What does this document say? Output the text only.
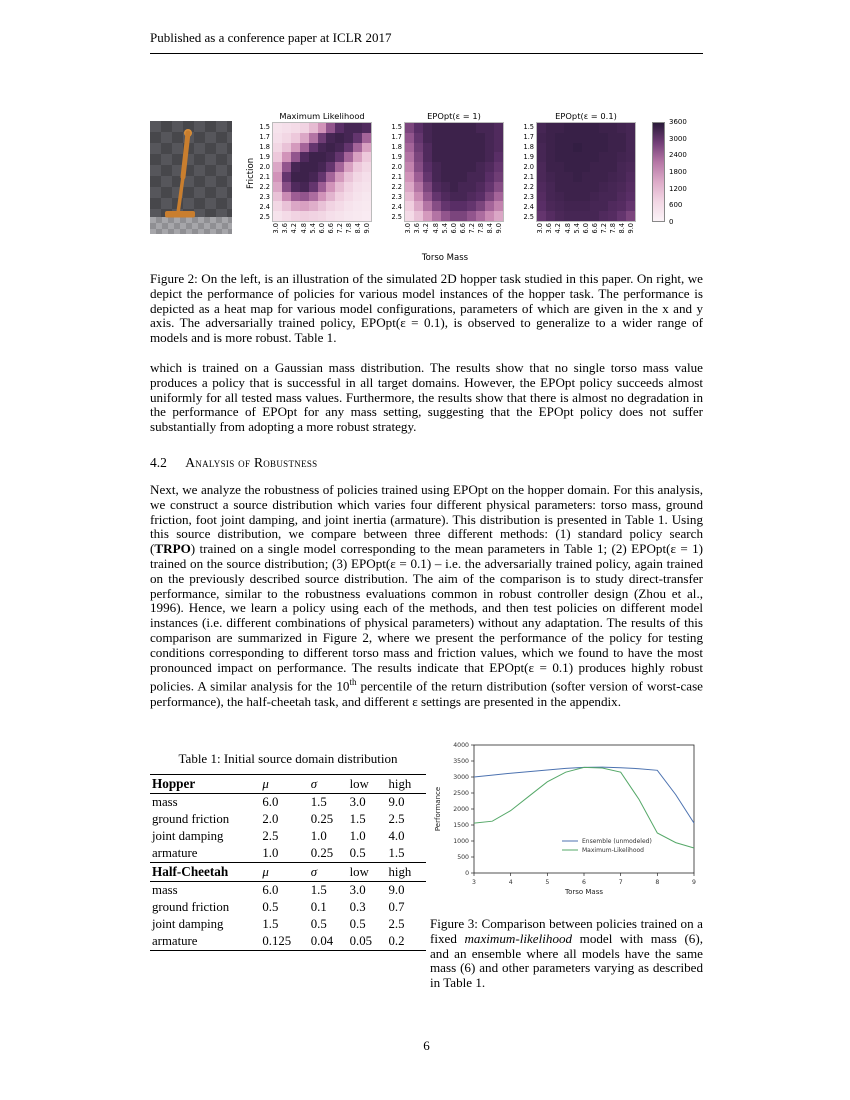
Published as a conference paper at ICLR 2017
Friction
Maximum Likelihood
1.5
1.7
1.8
1.9
2.0
2.1
2.2
2.3
2.4
2.5
3.0 3.6 4.2 4.8 5.4 6.0 6.6 7.2 7.8 8.4 9.0
EPOpt(ε = 1)
1.5
1.7
1.8
1.9
2.0
2.1
2.2
2.3
2.4
2.5
3.0 3.6 4.2 4.8 5.4 6.0 6.6 7.2 7.8 8.4 9.0
EPOpt(ε = 0.1)
1.5
1.7
1.8
1.9
2.0
2.1
2.2
2.3
2.4
2.5
3.0 3.6 4.2 4.8 5.4 6.0 6.6 7.2 7.8 8.4 9.0
3600
3000
2400
1800
1200
600
0
Torso Mass

Figure 2: On the left, is an illustration of the simulated 2D hopper task studied in this paper. On right, we depict the performance of policies for various model instances of the hopper task. The performance is depicted as a heat map for various model configurations, parameters of which are given in the x and y axis. The adversarially trained policy, EPOpt(ε = 0.1), is observed to generalize to a wider range of models and is more robust. Table 1.

which is trained on a Gaussian mass distribution. The results show that no single torso mass value produces a policy that is successful in all target domains. However, the EPOpt policy succeeds almost uniformly for all tested mass values. Furthermore, the results show that there is almost no degradation in the performance of EPOpt for any mass setting, suggesting that the EPOpt policy does not suffer substantially from adopting a more robust strategy.

4.2 Analysis of Robustness

Next, we analyze the robustness of policies trained using EPOpt on the hopper domain. For this analysis, we construct a source distribution which varies four different physical parameters: torso mass, ground friction, foot joint damping, and joint inertia (armature). This distribution is presented in Table 1. Using this source distribution, we compare between three different methods: (1) standard policy search (TRPO) trained on a single model corresponding to the mean parameters in Table 1; (2) EPOpt(ε = 1) trained on the source distribution; (3) EPOpt(ε = 0.1) – i.e. the adversarially trained policy, again trained on the previously described source distribution. The aim of the comparison is to study direct-transfer performance, similar to the robustness evaluations common in robust controller design (Zhou et al., 1996). Hence, we learn a policy using each of the methods, and then test policies on different model instances (i.e. different combinations of physical parameters) without any adaptation. The results of this comparison are summarized in Figure 2, where we present the performance of the policy for testing conditions corresponding to different torso mass and friction values, which we found to have the most pronounced impact on performance. The results indicate that EPOpt(ε = 0.1) produces highly robust policies. A similar analysis for the 10th percentile of the return distribution (softer version of worst-case performance), the half-cheetah task, and different ε settings are presented in the appendix.

Table 1: Initial source domain distribution
Hopper	μ	σ	low	high
mass	6.0	1.5	3.0	9.0
ground friction	2.0	0.25	1.5	2.5
joint damping	2.5	1.0	1.0	4.0
armature	1.0	0.25	0.5	1.5
Half-Cheetah	μ	σ	low	high
mass	6.0	1.5	3.0	9.0
ground friction	0.5	0.1	0.3	0.7
joint damping	1.5	0.5	0.5	2.5
armature	0.125	0.04	0.05	0.2
0
500
1000
1500
2000
2500
3000
3500
4000
3	4	5	6	7	8	9
Performance
Torso Mass
Ensemble (unmodeled)
Maximum-Likelihood

Figure 3: Comparison between policies trained on a fixed maximum-likelihood model with mass (6), and an ensemble where all models have the same mass (6) and other parameters varying as described in Table 1.

6
